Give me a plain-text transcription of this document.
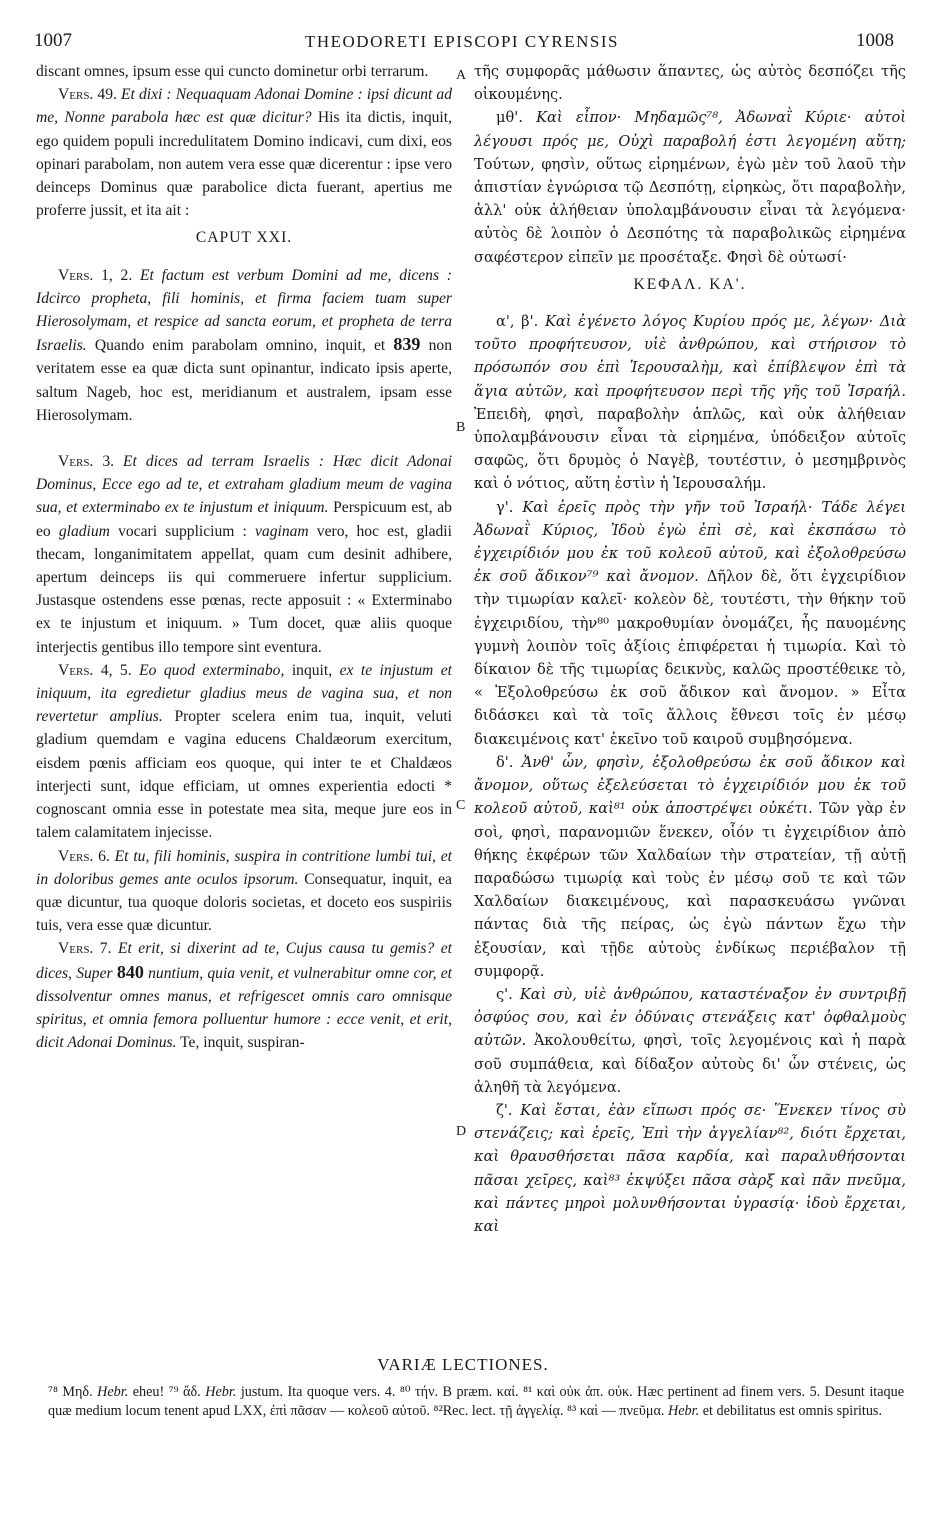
1007	THEODORETI EPISCOPI CYRENSIS	1008

discant omnes, ipsum esse qui cuncto dominetur orbi terrarum.

Vers. 49. Et dixi : Nequaquam Adonai Domine : ipsi dicunt ad me, Nonne parabola hæc est quæ dicitur? His ita dictis, inquit, ego quidem populi incredulitatem Domino indicavi, cum dixi, eos opinari parabolam, non autem vera esse quæ dicerentur : ipse vero deinceps Dominus quæ parabolice dicta fuerant, apertius me proferre jussit, et ita ait :

CAPUT XXI.

Vers. 1, 2. Et factum est verbum Domini ad me, dicens : Idcirco propheta, fili hominis, et firma faciem tuam super Hierosolymam, et respice ad sancta eorum, et propheta de terra Israelis. Quando enim parabolam omnino, inquit, et 839 non veritatem esse ea quæ dicta sunt opinantur, indicato ipsis aperte, saltum Nageb, hoc est, meridianum et australem, ipsam esse Hierosolymam.

Vers. 3. Et dices ad terram Israelis : Hæc dicit Adonai Dominus, Ecce ego ad te, et extraham gladium meum de vagina sua, et exterminabo ex te injustum et iniquum. Perspicuum est, ab eo gladium vocari supplicium : vaginam vero, hoc est, gladii thecam, longanimitatem appellat, quam cum desinit adhibere, apertum deinceps iis qui commeruere infertur supplicium. Justasque ostendens esse pœnas, recte apposuit : « Exterminabo ex te injustum et iniquum. » Tum docet, quæ aliis quoque interjectis gentibus illo tempore sint eventura.

Vers. 4, 5. Eo quod exterminabo, inquit, ex te injustum et iniquum, ita egredietur gladius meus de vagina sua, et non revertetur amplius. Propter scelera enim tua, inquit, veluti gladium quemdam e vagina educens Chaldæorum exercitum, eisdem pœnis afficiam eos quoque, qui inter te et Chaldæos interjecti sunt, idque efficiam, ut omnes experientia edocti * cognoscant omnia esse in potestate mea sita, meque jure eos in talem calamitatem injecisse.

Vers. 6. Et tu, fili hominis, suspira in contritione lumbi tui, et in doloribus gemes ante oculos ipsorum. Consequatur, inquit, ea quæ dicuntur, tua quoque doloris societas, et doceto eos suspiriis tuis, vera esse quæ dicuntur.

Vers. 7. Et erit, si dixerint ad te, Cujus causa tu gemis? et dices, Super 840 nuntium, quia venit, et vulnerabitur omne cor, et dissolventur omnes manus, et refrigescet omnis caro omnisque spiritus, et omnia femora polluentur humore : ecce venit, et erit, dicit Adonai Dominus. Te, inquit, suspiran-

A
B
C
D

τῆς συμφορᾶς μάθωσιν ἅπαντες, ὡς αὐτὸς δεσπόζει τῆς οἰκουμένης.

μθ'. Καὶ εἶπον· Μηδαμῶς⁷⁸, Ἀδωναῒ Κύριε· αὐτοὶ λέγουσι πρός με, Οὐχὶ παραβολή ἐστι λεγομένη αὕτη; Τούτων, φησὶν, οὕτως εἰρημένων, ἐγὼ μὲν τοῦ λαοῦ τὴν ἀπιστίαν ἐγνώρισα τῷ Δεσπότῃ, εἰρηκὼς, ὅτι παραβολὴν, ἀλλ' οὐκ ἀλήθειαν ὑπολαμβάνουσιν εἶναι τὰ λεγόμενα· αὐτὸς δὲ λοιπὸν ὁ Δεσπότης τὰ παραβολικῶς εἰρημένα σαφέστερον εἰπεῖν με προσέταξε. Φησὶ δὲ οὑτωσί·

ΚΕΦΑΛ. ΚΑ'.

α', β'. Καὶ ἐγένετο λόγος Κυρίου πρός με, λέγων· Διὰ τοῦτο προφήτευσον, υἱὲ ἀνθρώπου, καὶ στήρισον τὸ πρόσωπόν σου ἐπὶ Ἱερουσαλὴμ, καὶ ἐπίβλεψον ἐπὶ τὰ ἅγια αὐτῶν, καὶ προφήτευσον περὶ τῆς γῆς τοῦ Ἰσραήλ. Ἐπειδὴ, φησὶ, παραβολὴν ἁπλῶς, καὶ οὐκ ἀλήθειαν ὑπολαμβάνουσιν εἶναι τὰ εἰρημένα, ὑπόδειξον αὐτοῖς σαφῶς, ὅτι δρυμὸς ὁ Ναγὲβ, τουτέστιν, ὁ μεσημβρινὸς καὶ ὁ νότιος, αὕτη ἐστὶν ἡ Ἱερουσαλήμ.

γ'. Καὶ ἐρεῖς πρὸς τὴν γῆν τοῦ Ἰσραήλ· Τάδε λέγει Ἀδωναῒ Κύριος, Ἰδοὺ ἐγὼ ἐπὶ σὲ, καὶ ἐκσπάσω τὸ ἐγχειρίδιόν μου ἐκ τοῦ κολεοῦ αὐτοῦ, καὶ ἐξολοθρεύσω ἐκ σοῦ ἄδικον⁷⁹ καὶ ἄνομον. Δῆλον δὲ, ὅτι ἐγχειρίδιον τὴν τιμωρίαν καλεῖ· κολεὸν δὲ, τουτέστι, τὴν θήκην τοῦ ἐγχειριδίου, τὴν⁸⁰ μακροθυμίαν ὀνομάζει, ἧς παυομένης γυμνὴ λοιπὸν τοῖς ἀξίοις ἐπιφέρεται ἡ τιμωρία. Καὶ τὸ δίκαιον δὲ τῆς τιμωρίας δεικνὺς, καλῶς προστέθεικε τὸ, « Ἐξολοθρεύσω ἐκ σοῦ ἄδικον καὶ ἄνομον. » Εἶτα διδάσκει καὶ τὰ τοῖς ἄλλοις ἔθνεσι τοῖς ἐν μέσῳ διακειμένοις κατ' ἐκεῖνο τοῦ καιροῦ συμβησόμενα.

δ'. Ἀνθ' ὧν, φησὶν, ἐξολοθρεύσω ἐκ σοῦ ἄδικον καὶ ἄνομον, οὕτως ἐξελεύσεται τὸ ἐγχειρίδιόν μου ἐκ τοῦ κολεοῦ αὐτοῦ, καὶ⁸¹ οὐκ ἀποστρέψει οὐκέτι. Τῶν γὰρ ἐν σοὶ, φησὶ, παρανομιῶν ἕνεκεν, οἷόν τι ἐγχειρίδιον ἀπὸ θήκης ἐκφέρων τῶν Χαλδαίων τὴν στρατείαν, τῇ αὐτῇ παραδώσω τιμωρίᾳ καὶ τοὺς ἐν μέσῳ σοῦ τε καὶ τῶν Χαλδαίων διακειμένους, καὶ παρασκευάσω γνῶναι πάντας διὰ τῆς πείρας, ὡς ἐγὼ πάντων ἔχω τὴν ἐξουσίαν, καὶ τῇδε αὐτοὺς ἐνδίκως περιέβαλον τῇ συμφορᾷ.

ς'. Καὶ σὺ, υἱὲ ἀνθρώπου, καταστέναξον ἐν συντριβῇ ὀσφύος σου, καὶ ἐν ὀδύναις στενάξεις κατ' ὀφθαλμοὺς αὐτῶν. Ἀκολουθείτω, φησὶ, τοῖς λεγομένοις καὶ ἡ παρὰ σοῦ συμπάθεια, καὶ δίδαξον αὐτοὺς δι' ὧν στένεις, ὡς ἀληθῆ τὰ λεγόμενα.

ζ'. Καὶ ἔσται, ἐὰν εἴπωσι πρός σε· Ἕνεκεν τίνος σὺ στενάζεις; καὶ ἐρεῖς, Ἐπὶ τὴν ἀγγελίαν⁸², διότι ἔρχεται, καὶ θραυσθήσεται πᾶσα καρδία, καὶ παραλυθήσονται πᾶσαι χεῖρες, καὶ⁸³ ἐκψύξει πᾶσα σὰρξ καὶ πᾶν πνεῦμα, καὶ πάντες μηροὶ μολυνθήσονται ὑγρασίᾳ· ἰδοὺ ἔρχεται, καὶ

VARIÆ LECTIONES.

⁷⁸ Μηδ. Hebr. eheu! ⁷⁹ ἄδ. Hebr. justum. Ita quoque vers. 4. ⁸⁰ τήν. B præm. καί. ⁸¹ καὶ οὐκ ἀπ. οὐκ. Hæc pertinent ad finem vers. 5. Desunt itaque quæ medium locum tenent apud LXX, ἐπὶ πᾶσαν — κολεοῦ αὐτοῦ. ⁸²Rec. lect. τῇ ἀγγελίᾳ. ⁸³ καὶ — πνεῦμα. Hebr. et debilitatus est omnis spiritus.
